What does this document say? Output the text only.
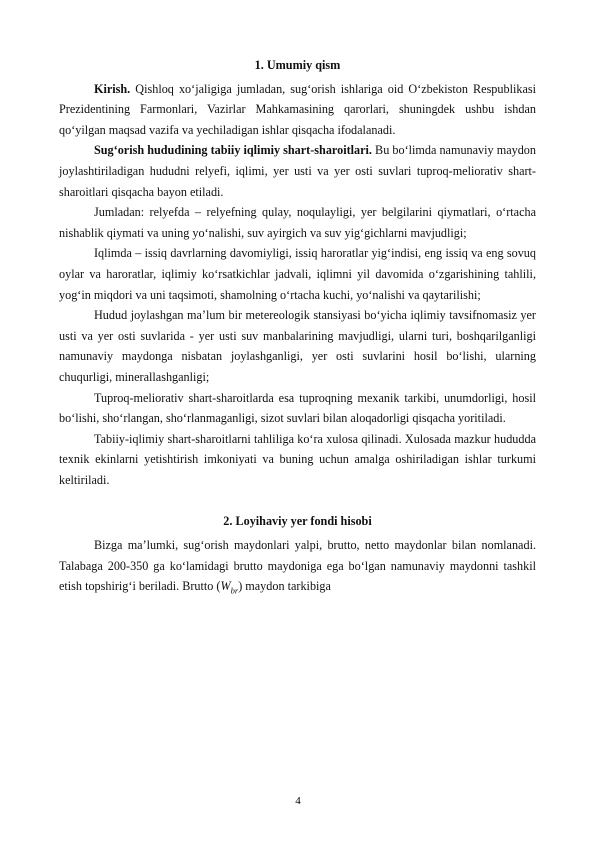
1. Umumiy qism

Kirish. Qishloq xo‘jaligiga jumladan, sug‘orish ishlariga oid O‘zbekiston Respublikasi Prezidentining Farmonlari, Vazirlar Mahkamasining qarorlari, shuningdek ushbu ishdan qo‘yilgan maqsad vazifa va yechiladigan ishlar qisqacha ifodalanadi.

Sug‘orish hududining tabiiy iqlimiy shart-sharoitlari. Bu bo‘limda namunaviy maydon joylashtiriladigan hududni relyefi, iqlimi, yer usti va yer osti suvlari tuproq-meliorativ shart-sharoitlari qisqacha bayon etiladi.

Jumladan: relyefda – relyefning qulay, noqulayligi, yer belgilarini qiymatlari, o‘rtacha nishablik qiymati va uning yo‘nalishi, suv ayirgich va suv yig‘gichlarni mavjudligi;

Iqlimda – issiq davrlarning davomiyligi, issiq haroratlar yig‘indisi, eng issiq va eng sovuq oylar va haroratlar, iqlimiy ko‘rsatkichlar jadvali, iqlimni yil davomida o‘zgarishining tahlili, yog‘in miqdori va uni taqsimoti, shamolning o‘rtacha kuchi, yo‘nalishi va qaytarilishi;

Hudud joylashgan ma’lum bir metereologik stansiyasi bo‘yicha iqlimiy tavsifnomasiz yer usti va yer osti suvlarida - yer usti suv manbalarining mavjudligi, ularni turi, boshqarilganligi namunaviy maydonga nisbatan joylashganligi, yer osti suvlarini hosil bo‘lishi, ularning chuqurligi, minerallashganligi;

Tuproq-meliorativ shart-sharoitlarda esa tuproqning mexanik tarkibi, unumdorligi, hosil bo‘lishi, sho‘rlangan, sho‘rlanmaganligi, sizot suvlari bilan aloqadorligi qisqacha yoritiladi.

Tabiiy-iqlimiy shart-sharoitlarni tahliliga ko‘ra xulosa qilinadi. Xulosada mazkur hududda texnik ekinlarni yetishtirish imkoniyati va buning uchun amalga oshiriladigan ishlar turkumi keltiriladi.

2. Loyihaviy yer fondi hisobi

Bizga ma’lumki, sug‘orish maydonlari yalpi, brutto, netto maydonlar bilan nomlanadi. Talabaga 200-350 ga ko‘lamidagi brutto maydoniga ega bo‘lgan namunaviy maydonni tashkil etish topshirig‘i beriladi. Brutto $(W_{br})$ maydon tarkibiga

4
